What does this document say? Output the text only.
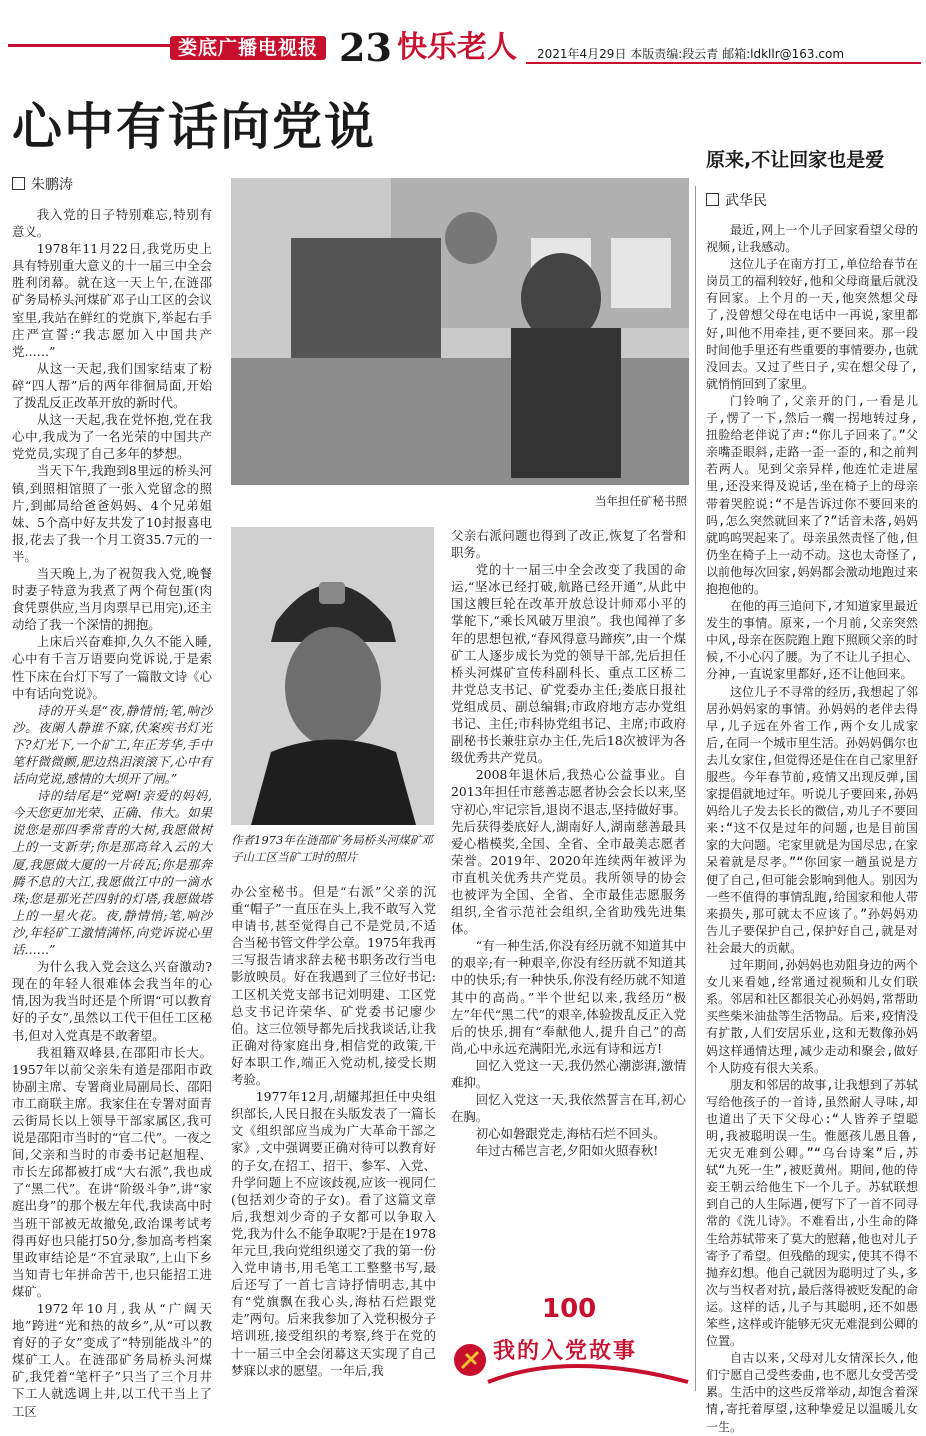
娄底广播电视报 23 快乐老人 2021年4月29日 本版责编:段云青 邮箱:ldkllr@163.com
心中有话向党说
朱鹏涛

我入党的日子特别难忘,特别有意义。

1978年11月22日,我党历史上具有特别重大意义的十一届三中全会胜利闭幕。就在这一天上午,在涟邵矿务局桥头河煤矿邓子山工区的会议室里,我站在鲜红的党旗下,举起右手庄严宣誓:“我志愿加入中国共产党……”

从这一天起,我们国家结束了粉碎“四人帮”后的两年徘徊局面,开始了拨乱反正改革开放的新时代。

从这一天起,我在党怀抱,党在我心中,我成为了一名光荣的中国共产党党员,实现了自己多年的梦想。

当天下午,我跑到8里远的桥头河镇,到照相馆照了一张入党留念的照片,到邮局给爸爸妈妈、4个兄弟姐妹、5个高中好友共发了10封报喜电报,花去了我一个月工资35.7元的一半。

当天晚上,为了祝贺我入党,晚餐时妻子特意为我煮了两个荷包蛋(肉食凭票供应,当月肉票早已用完),还主动给了我一个深情的拥抱。

上床后兴奋难抑,久久不能入睡,心中有千言万语要向党诉说,于是索性下床在台灯下写了一篇散文诗《心中有话向党说》。

诗的开头是“夜,静情悄;笔,响沙沙。夜阑人静谁不寐,伏案疾书灯光下?灯光下,一个矿工,年正芳华,手中笔杆微微颤,肥边热泪滚滚下,心中有话向党说,感情的大坝开了闸。”

诗的结尾是“党啊!亲爱的妈妈,今天您更加光荣、正确、伟大。如果说您是那四季常青的大树,我愿做树上的一支新芽;你是那高耸入云的大厦,我愿做大厦的一片砖瓦;你是那奔腾不息的大江,我愿做江中的一滴水珠;您是那光芒四射的灯塔,我愿做塔上的一星火花。夜,静情悄;笔,响沙沙,年轻矿工激情满怀,向党诉说心里话……”

为什么我入党会这么兴奋激动?现在的年轻人很难体会我当年的心情,因为我当时还是个所谓“可以教育好的子女”,虽然以工代干但任工区秘书,但对入党真是不敢奢望。

我祖籍双峰县,在邵阳市长大。1957年以前父亲朱有道是邵阳市政协副主席、专署商业局副局长、邵阳市工商联主席。我家住在专署对面青云街局长以上领导干部家属区,我可说是邵阳市当时的“官二代”。一夜之间,父亲和当时的市委书记赵旭程、市长左邱都被打成“大右派”,我也成了“黑二代”。在讲“阶级斗争”,讲“家庭出身”的那个极左年代,我读高中时当班干部被无故撤免,政治课考试考得再好也只能打50分,参加高考档案里政审结论是“不宜录取”,上山下乡当知青七年拼命苦干,也只能招工进煤矿。

1972年10月,我从“广阔天地”跨进“光和热的故乡”,从“可以教育好的子女”变成了“特别能战斗”的煤矿工人。在涟邵矿务局桥头河煤矿,我凭着“笔杆子”只当了三个月井下工人就选调上井,以工代干当上了工区

当年担任矿秘书照
作者1973年在涟邵矿务局桥头河煤矿邓子山工区当矿工时的照片

办公室秘书。但是“右派”父亲的沉重“帽子”一直压在头上,我不敢写入党申请书,甚至觉得自己不是党员,不适合当秘书管文件学公章。1975年我再三写报告请求辞去秘书职务改行当电影放映员。好在我遇到了三位好书记:工区机关党支部书记刘明建、工区党总支书记许荣华、矿党委书记廖少伯。这三位领导都先后找我谈话,让我正确对待家庭出身,相信党的政策,干好本职工作,端正入党动机,接受长期考验。

1977年12月,胡耀邦担任中央组织部长,人民日报在头版发表了一篇长文《组织部应当成为广大革命干部之家》,文中强调要正确对待可以教育好的子女,在招工、招干、参军、入党、升学问题上不应该歧视,应该一视同仁(包括刘少奇的子女)。看了这篇文章后,我想刘少奇的子女都可以争取入党,我为什么不能争取呢?于是在1978年元旦,我向党组织递交了我的第一份入党申请书,用毛笔工工整整书写,最后还写了一首七言诗抒情明志,其中有“党旗飘在我心头,海枯石烂跟党走”两句。后来我参加了入党积极分子培训班,接受组织的考察,终于在党的十一届三中全会闭幕这天实现了自己梦寐以求的愿望。一年后,我

父亲右派问题也得到了改正,恢复了名誉和职务。

党的十一届三中全会改变了我国的命运,“坚冰已经打破,航路已经开通”,从此中国这艘巨轮在改革开放总设计师邓小平的掌舵下,“乘长风破万里浪”。我也闻禅了多年的思想包袱,“春风得意马蹄疾”,由一个煤矿工人逐步成长为党的领导干部,先后担任桥头河煤矿宣传科副科长、重点工区桥二井党总支书记、矿党委办主任;娄底日报社党组成员、副总编辑;市政府地方志办党组书记、主任;市科协党组书记、主席;市政府副秘书长兼驻京办主任,先后18次被评为各级优秀共产党员。

2008年退休后,我热心公益事业。自2013年担任市慈善志愿者协会会长以来,坚守初心,牢记宗旨,退岗不退志,坚持做好事。先后获得娄底好人,湖南好人,湖南慈善最具爱心楷模奖,全国、全省、全市最美志愿者荣誉。2019年、2020年连续两年被评为市直机关优秀共产党员。我所领导的协会也被评为全国、全省、全市最佳志愿服务组织,全省示范社会组织,全省助残先进集体。

“有一种生活,你没有经历就不知道其中的艰辛;有一种艰辛,你没有经历就不知道其中的快乐;有一种快乐,你没有经历就不知道其中的高尚。”半个世纪以来,我经历“极左”年代“黑二代”的艰辛,体验拨乱反正入党后的快乐,拥有“奉献他人,提升自己”的高尚,心中永远充满阳光,永远有诗和远方!

回忆入党这一天,我仍然心潮澎湃,激情难抑。

回忆入党这一天,我依然誓言在耳,初心在胸。

初心如磐跟党走,海枯石烂不回头。

年过古稀岂言老,夕阳如火照春秋!

100
我的入党故事
原来,不让回家也是爱
武华民

最近,网上一个儿子回家看望父母的视频,让我感动。

这位儿子在南方打工,单位给春节在岗员工的福利较好,他和父母商量后就没有回家。上个月的一天,他突然想父母了,没曾想父母在电话中一再说,家里都好,叫他不用牵挂,更不要回来。那一段时间他手里还有些重要的事情要办,也就没回去。又过了些日子,实在想父母了,就悄悄回到了家里。

门铃响了,父亲开的门,一看是儿子,愣了一下,然后一瘸一拐地转过身,扭脸给老伴说了声:“你儿子回来了。”父亲嘴歪眼斜,走路一歪一歪的,和之前判若两人。见到父亲异样,他连忙走进屋里,还没来得及说话,坐在椅子上的母亲带着哭腔说:“不是告诉过你不要回来的吗,怎么突然就回来了?”话音未落,妈妈就呜呜哭起来了。母亲虽然责怪了他,但仍坐在椅子上一动不动。这也太奇怪了,以前他每次回家,妈妈都会激动地跑过来抱抱他的。

在他的再三追问下,才知道家里最近发生的事情。原来,一个月前,父亲突然中风,母亲在医院跑上跑下照顾父亲的时候,不小心闪了腰。为了不让儿子担心、分神,一直说家里都好,还不让他回来。

这位儿子不寻常的经历,我想起了邻居孙妈妈家的事情。孙妈妈的老伴去得早,儿子远在外省工作,两个女儿成家后,在同一个城市里生活。孙妈妈偶尔也去儿女家住,但觉得还是住在自己家里舒服些。今年春节前,疫情又出现反弹,国家提倡就地过年。听说儿子要回来,孙妈妈给儿子发去长长的微信,劝儿子不要回来:“这不仅是过年的问题,也是目前国家的大问题。宅家里就是为国尽忠,在家呆着就是尽孝。”“你回家一趟虽说是方便了自己,但可能会影响到他人。别因为一些不值得的事情乱跑,给国家和他人带来损失,那可就太不应该了。”孙妈妈劝告儿子要保护自己,保护好自己,就是对社会最大的贡献。

过年期间,孙妈妈也劝阻身边的两个女儿来看她,经常通过视频和儿女们联系。邻居和社区都很关心孙妈妈,常帮助买些柴米油盐等生活物品。后来,疫情没有扩散,人们安居乐业,这和无数像孙妈妈这样通情达理,减少走动和聚会,做好个人防疫有很大关系。

朋友和邻居的故事,让我想到了苏轼写给他孩子的一首诗,虽然耐人寻味,却也道出了天下父母心:“人皆养子望聪明,我被聪明误一生。惟愿孩儿愚且鲁,无灾无难到公卿。”“乌台诗案”后,苏轼“九死一生”,被贬黄州。期间,他的侍妾王朝云给他生下一个儿子。苏轼联想到自己的人生际遇,便写下了一首不同寻常的《洗儿诗》。不难看出,小生命的降生给苏轼带来了莫大的慰藉,他也对儿子寄予了希望。但残酷的现实,使其不得不抛弃幻想。他自己就因为聪明过了头,多次与当权者对抗,最后落得被贬发配的命运。这样的话,儿子与其聪明,还不如愚笨些,这样或许能够无灾无难混到公卿的位置。

自古以来,父母对儿女情深长久,他们宁愿自己受些委曲,也不愿儿女受苦受累。生活中的这些反常举动,却饱含着深情,寄托着厚望,这种挚爱足以温暖儿女一生。
